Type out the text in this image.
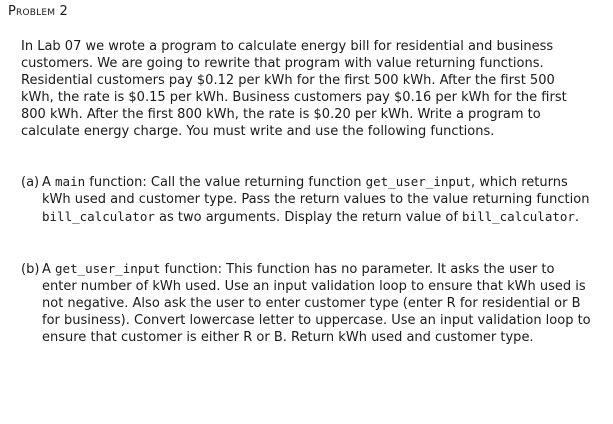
Problem 2

In Lab 07 we wrote a program to calculate energy bill for residential and business customers. We are going to rewrite that program with value returning functions. Residential customers pay $0.12 per kWh for the first 500 kWh. After the first 500 kWh, the rate is $0.15 per kWh. Business customers pay $0.16 per kWh for the first 800 kWh. After the first 800 kWh, the rate is $0.20 per kWh. Write a program to calculate energy charge. You must write and use the following functions.

(a) A main function: Call the value returning function get_user_input, which returns kWh used and customer type. Pass the return values to the value returning function bill_calculator as two arguments. Display the return value of bill_calculator.
(b) A get_user_input function: This function has no parameter. It asks the user to enter number of kWh used. Use an input validation loop to ensure that kWh used is not negative. Also ask the user to enter customer type (enter R for residential or B for business). Convert lowercase letter to uppercase. Use an input validation loop to ensure that customer is either R or B. Return kWh used and customer type.
